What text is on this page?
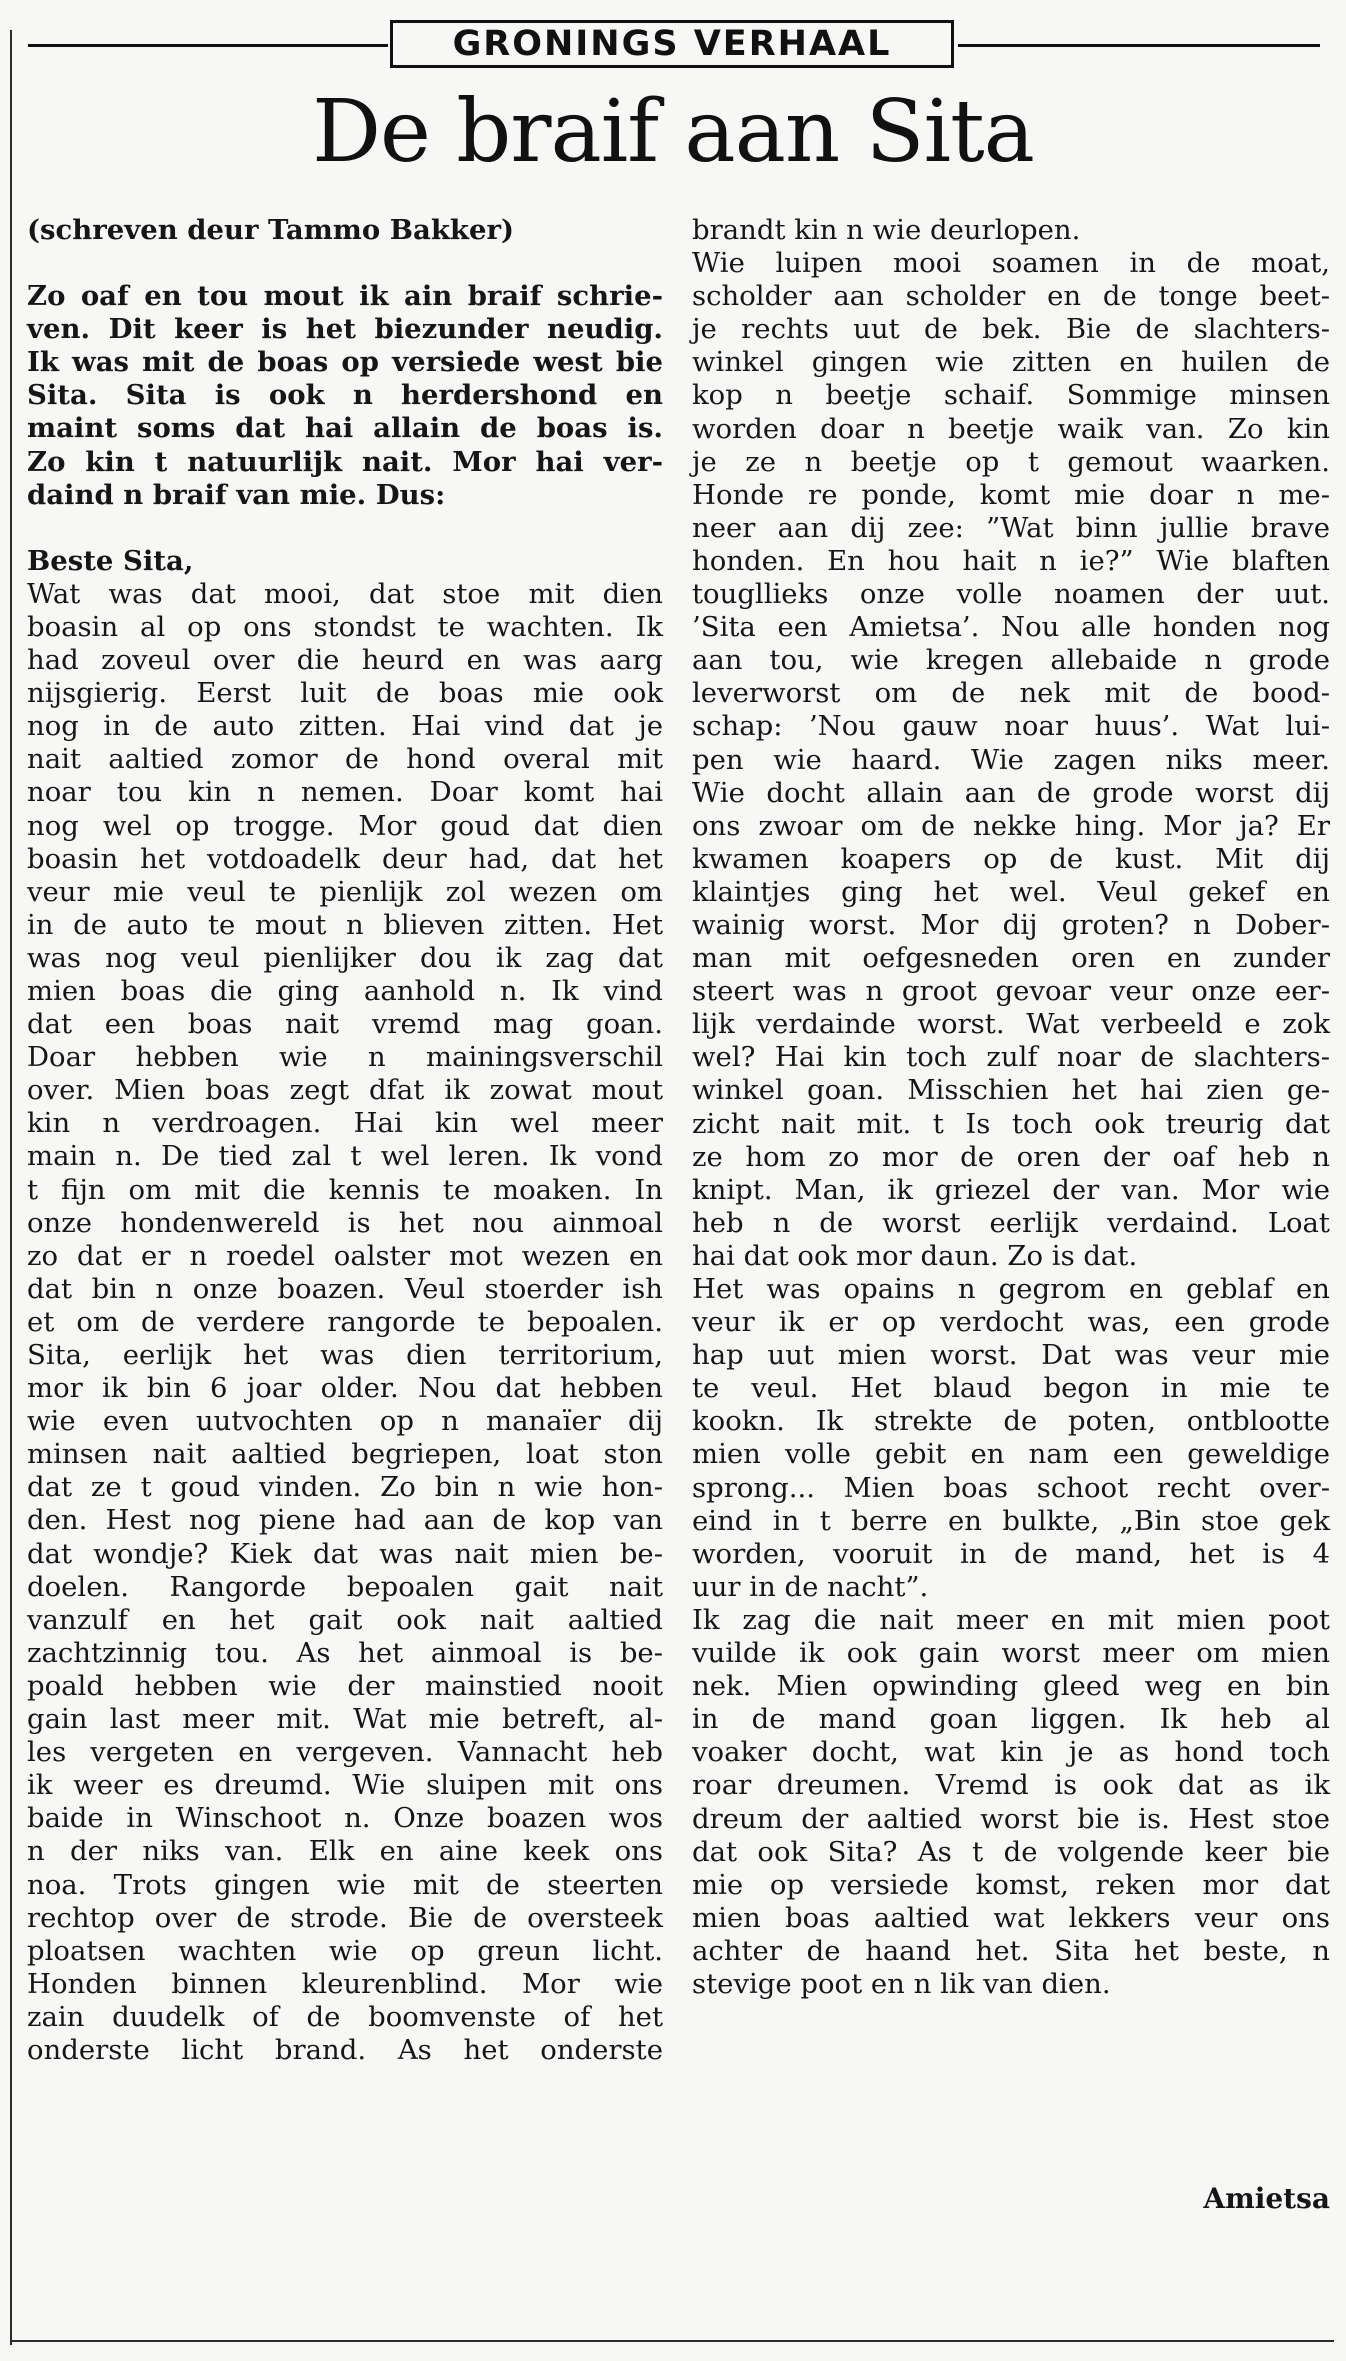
GRONINGS VERHAAL
De braif aan Sita
(schreven deur Tammo Bakker)
Zo oaf en tou mout ik ain braif schrie-
ven. Dit keer is het biezunder neudig.
Ik was mit de boas op versiede west bie
Sita. Sita is ook n herdershond en
maint soms dat hai allain de boas is.
Zo kin t natuurlijk nait. Mor hai ver-
daind n braif van mie. Dus:
Beste Sita,
Wat was dat mooi, dat stoe mit dien
boasin al op ons stondst te wachten. Ik
had zoveul over die heurd en was aarg
nijsgierig. Eerst luit de boas mie ook
nog in de auto zitten. Hai vind dat je
nait aaltied zomor de hond overal mit
noar tou kin n nemen. Doar komt hai
nog wel op trogge. Mor goud dat dien
boasin het votdoadelk deur had, dat het
veur mie veul te pienlijk zol wezen om
in de auto te mout n blieven zitten. Het
was nog veul pienlijker dou ik zag dat
mien boas die ging aanhold n. Ik vind
dat een boas nait vremd mag goan.
Doar hebben wie n mainingsverschil
over. Mien boas zegt dfat ik zowat mout
kin n verdroagen. Hai kin wel meer
main n. De tied zal t wel leren. Ik vond
t fijn om mit die kennis te moaken. In
onze hondenwereld is het nou ainmoal
zo dat er n roedel oalster mot wezen en
dat bin n onze boazen. Veul stoerder ish
et om de verdere rangorde te bepoalen.
Sita, eerlijk het was dien territorium,
mor ik bin 6 joar older. Nou dat hebben
wie even uutvochten op n manaïer dij
minsen nait aaltied begriepen, loat ston
dat ze t goud vinden. Zo bin n wie hon-
den. Hest nog piene had aan de kop van
dat wondje? Kiek dat was nait mien be-
doelen. Rangorde bepoalen gait nait
vanzulf en het gait ook nait aaltied
zachtzinnig tou. As het ainmoal is be-
poald hebben wie der mainstied nooit
gain last meer mit. Wat mie betreft, al-
les vergeten en vergeven. Vannacht heb
ik weer es dreumd. Wie sluipen mit ons
baide in Winschoot n. Onze boazen wos
n der niks van. Elk en aine keek ons
noa. Trots gingen wie mit de steerten
rechtop over de strode. Bie de oversteek
ploatsen wachten wie op greun licht.
Honden binnen kleurenblind. Mor wie
zain duudelk of de boomvenste of het
onderste licht brand. As het onderste
brandt kin n wie deurlopen.
Wie luipen mooi soamen in de moat,
scholder aan scholder en de tonge beet-
je rechts uut de bek. Bie de slachters-
winkel gingen wie zitten en huilen de
kop n beetje schaif. Sommige minsen
worden doar n beetje waik van. Zo kin
je ze n beetje op t gemout waarken.
Honde re ponde, komt mie doar n me-
neer aan dij zee: ”Wat binn jullie brave
honden. En hou hait n ie?” Wie blaften
tougllieks onze volle noamen der uut.
’Sita een Amietsa’. Nou alle honden nog
aan tou, wie kregen allebaide n grode
leverworst om de nek mit de bood-
schap: ’Nou gauw noar huus’. Wat lui-
pen wie haard. Wie zagen niks meer.
Wie docht allain aan de grode worst dij
ons zwoar om de nekke hing. Mor ja? Er
kwamen koapers op de kust. Mit dij
klaintjes ging het wel. Veul gekef en
wainig worst. Mor dij groten? n Dober-
man mit oefgesneden oren en zunder
steert was n groot gevoar veur onze eer-
lijk verdainde worst. Wat verbeeld e zok
wel? Hai kin toch zulf noar de slachters-
winkel goan. Misschien het hai zien ge-
zicht nait mit. t Is toch ook treurig dat
ze hom zo mor de oren der oaf heb n
knipt. Man, ik griezel der van. Mor wie
heb n de worst eerlijk verdaind. Loat
hai dat ook mor daun. Zo is dat.
Het was opains n gegrom en geblaf en
veur ik er op verdocht was, een grode
hap uut mien worst. Dat was veur mie
te veul. Het blaud begon in mie te
kookn. Ik strekte de poten, ontblootte
mien volle gebit en nam een geweldige
sprong... Mien boas schoot recht over-
eind in t berre en bulkte, „Bin stoe gek
worden, vooruit in de mand, het is 4
uur in de nacht”.
Ik zag die nait meer en mit mien poot
vuilde ik ook gain worst meer om mien
nek. Mien opwinding gleed weg en bin
in de mand goan liggen. Ik heb al
voaker docht, wat kin je as hond toch
roar dreumen. Vremd is ook dat as ik
dreum der aaltied worst bie is. Hest stoe
dat ook Sita? As t de volgende keer bie
mie op versiede komst, reken mor dat
mien boas aaltied wat lekkers veur ons
achter de haand het. Sita het beste, n
stevige poot en n lik van dien.
Amietsa
